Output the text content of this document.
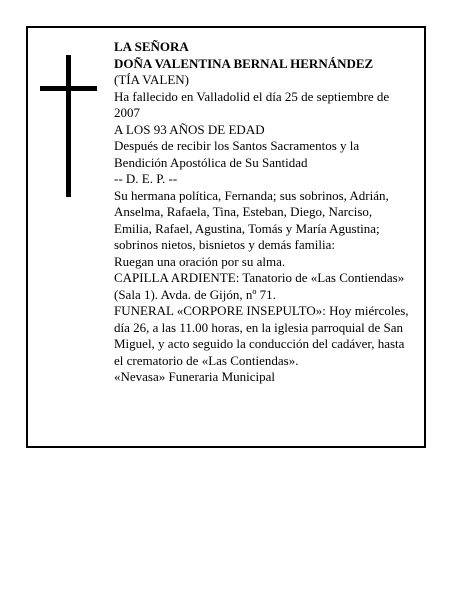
LA SEÑORA
DOÑA VALENTINA BERNAL HERNÁNDEZ
(TÍA VALEN)
Ha fallecido en Valladolid el día 25 de septiembre de
2007
A LOS 93 AÑOS DE EDAD
Después de recibir los Santos Sacramentos y la
Bendición Apostólica de Su Santidad
-- D. E. P. --
Su hermana política, Fernanda; sus sobrinos, Adrián,
Anselma, Rafaela, Tina, Esteban, Diego, Narciso,
Emilia, Rafael, Agustina, Tomás y María Agustina;
sobrinos nietos, bisnietos y demás familia:
Ruegan una oración por su alma.
CAPILLA ARDIENTE: Tanatorio de «Las Contiendas»
(Sala 1). Avda. de Gijón, nº 71.
FUNERAL «CORPORE INSEPULTO»: Hoy miércoles,
día 26, a las 11.00 horas, en la iglesia parroquial de San
Miguel, y acto seguido la conducción del cadáver, hasta
el crematorio de «Las Contiendas».
«Nevasa» Funeraria Municipal
